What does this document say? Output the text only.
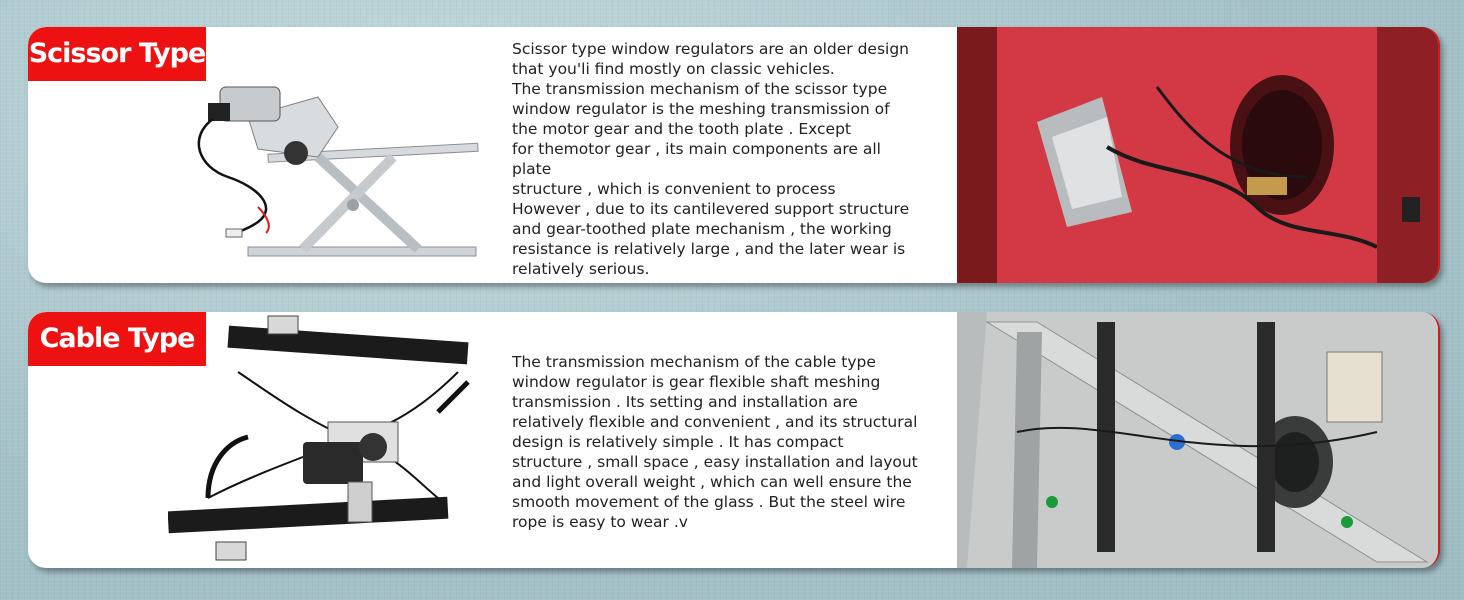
Scissor Type	Scissor type window regulators are an older design
that you'li find mostly on classic vehicles.
The transmission mechanism of the scissor type
window regulator is the meshing transmission of
the motor gear and the tooth plate . Except
for themotor gear , its main components are all plate
structure , which is convenient to process
However , due to its cantilevered support structure
and gear-toothed plate mechanism , the working
resistance is relatively large , and the later wear is
relatively serious.
Cable Type
The transmission mechanism of the cable type
window regulator is gear flexible shaft meshing
transmission . Its setting and installation are
relatively flexible and convenient , and its structural
design is relatively simple . It has compact
structure , small space , easy installation and layout
and light overall weight , which can well ensure the
smooth movement of the glass . But the steel wire
rope is easy to wear .v
